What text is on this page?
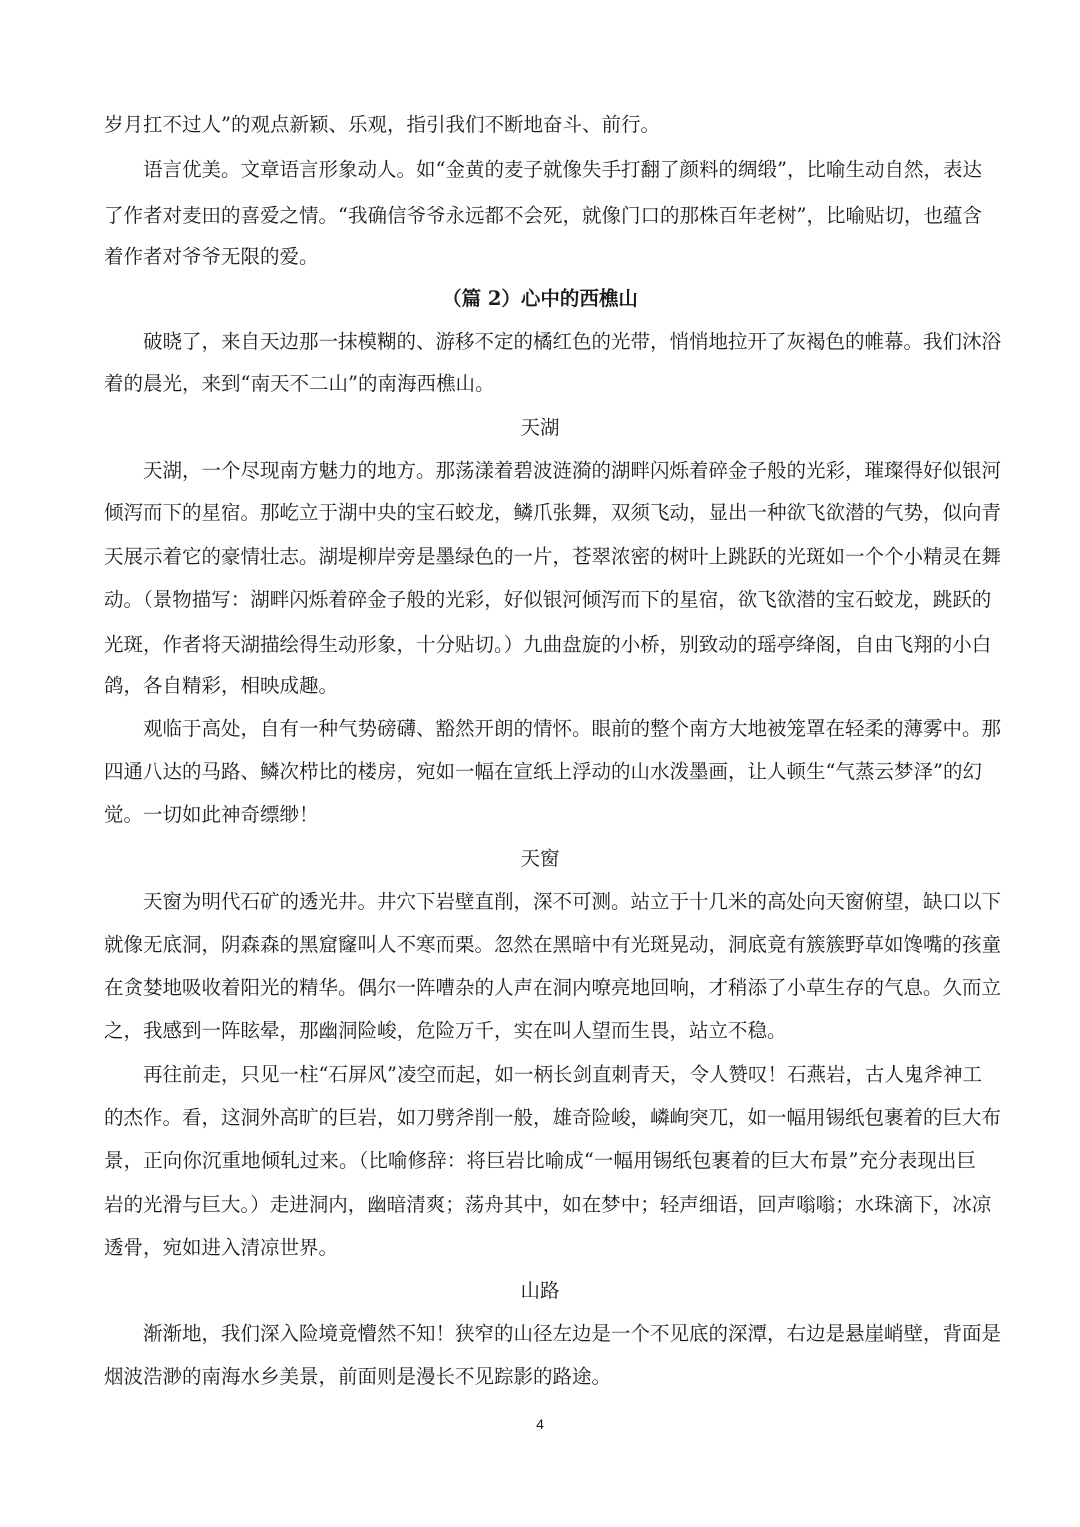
岁月扛不过人”的观点新颖、乐观，指引我们不断地奋斗、前行。
语言优美。文章语言形象动人。如“金黄的麦子就像失手打翻了颜料的绸缎”，比喻生动自然，表达
了作者对麦田的喜爱之情。“我确信爷爷永远都不会死，就像门口的那株百年老树”，比喻贴切，也蕴含
着作者对爷爷无限的爱。
（篇 2）心中的西樵山
破晓了，来自天边那一抹模糊的、游移不定的橘红色的光带，悄悄地拉开了灰褐色的帷幕。我们沐浴
着的晨光，来到“南天不二山”的南海西樵山。
天湖
天湖，一个尽现南方魅力的地方。那荡漾着碧波涟漪的湖畔闪烁着碎金子般的光彩，璀璨得好似银河
倾泻而下的星宿。那屹立于湖中央的宝石蛟龙，鳞爪张舞，双须飞动，显出一种欲飞欲潜的气势，似向青
天展示着它的豪情壮志。湖堤柳岸旁是墨绿色的一片，苍翠浓密的树叶上跳跃的光斑如一个个小精灵在舞
动。（景物描写：湖畔闪烁着碎金子般的光彩，好似银河倾泻而下的星宿，欲飞欲潜的宝石蛟龙，跳跃的
光斑，作者将天湖描绘得生动形象，十分贴切。）九曲盘旋的小桥，别致动的瑶亭绛阁，自由飞翔的小白
鸽，各自精彩，相映成趣。
观临于高处，自有一种气势磅礴、豁然开朗的情怀。眼前的整个南方大地被笼罩在轻柔的薄雾中。那
四通八达的马路、鳞次栉比的楼房，宛如一幅在宣纸上浮动的山水泼墨画，让人顿生“气蒸云梦泽”的幻
觉。一切如此神奇缥缈！
天窗
天窗为明代石矿的透光井。井穴下岩壁直削，深不可测。站立于十几米的高处向天窗俯望，缺口以下
就像无底洞，阴森森的黑窟窿叫人不寒而栗。忽然在黑暗中有光斑晃动，洞底竟有簇簇野草如馋嘴的孩童
在贪婪地吸收着阳光的精华。偶尔一阵嘈杂的人声在洞内嘹亮地回响，才稍添了小草生存的气息。久而立
之，我感到一阵眩晕，那幽洞险峻，危险万千，实在叫人望而生畏，站立不稳。
再往前走，只见一柱“石屏风”凌空而起，如一柄长剑直刺青天，令人赞叹！石燕岩，古人鬼斧神工
的杰作。看，这洞外高旷的巨岩，如刀劈斧削一般，雄奇险峻，嶙峋突兀，如一幅用锡纸包裹着的巨大布
景，正向你沉重地倾轧过来。（比喻修辞：将巨岩比喻成“一幅用锡纸包裹着的巨大布景”充分表现出巨
岩的光滑与巨大。）走进洞内，幽暗清爽；荡舟其中，如在梦中；轻声细语，回声嗡嗡；水珠滴下，冰凉
透骨，宛如进入清凉世界。
山路
渐渐地，我们深入险境竟懵然不知！狭窄的山径左边是一个不见底的深潭，右边是悬崖峭壁，背面是
烟波浩渺的南海水乡美景，前面则是漫长不见踪影的路途。
4
